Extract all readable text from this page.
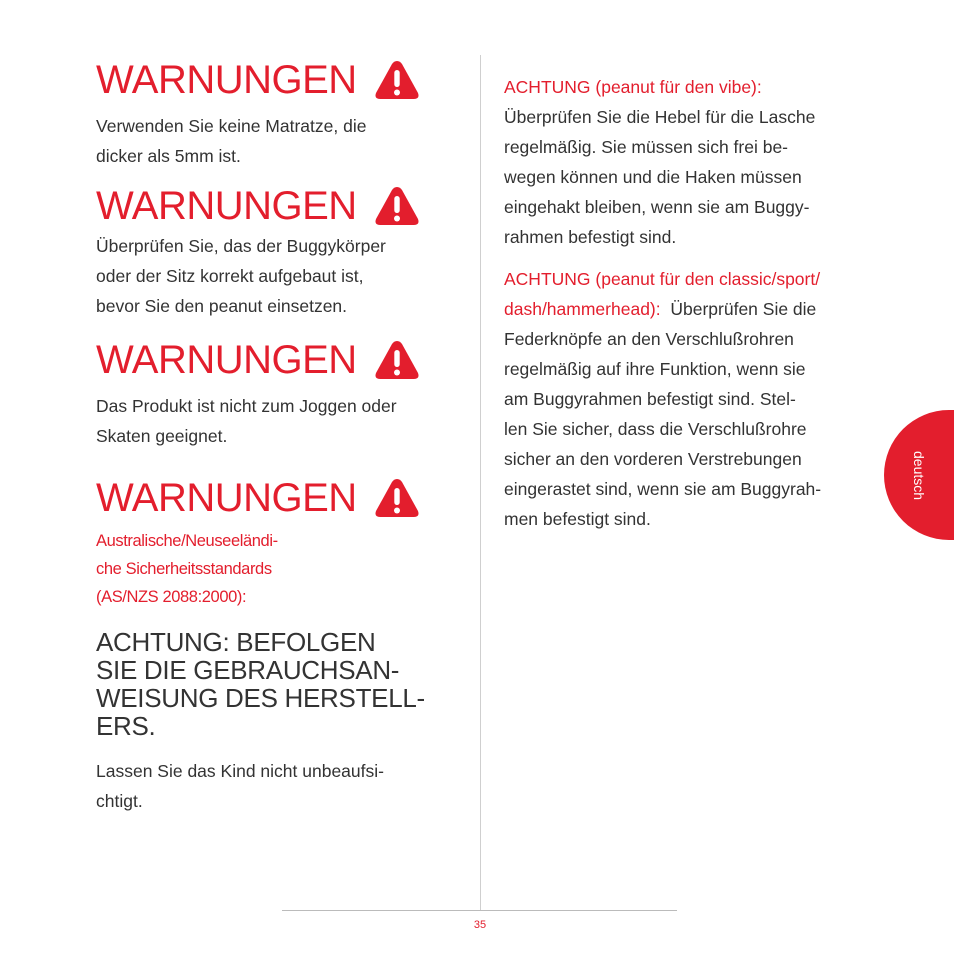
WARNUNGEN

Verwenden Sie keine Matratze, die
dicker als 5mm ist.

WARNUNGEN

Überprüfen Sie, das der Buggykörper
oder der Sitz korrekt aufgebaut ist,
bevor Sie den peanut einsetzen.

WARNUNGEN

Das Produkt ist nicht zum Joggen oder
Skaten geeignet.

WARNUNGEN

Australische/Neuseeländi-
che Sicherheitsstandards
(AS/NZS 2088:2000):

ACHTUNG: BEFOLGEN
SIE DIE GEBRAUCHSAN-
WEISUNG DES HERSTELL-
ERS.

Lassen Sie das Kind nicht unbeaufsi-
chtigt.

ACHTUNG (peanut für den vibe):
Überprüfen Sie die Hebel für die Lasche
regelmäßig. Sie müssen sich frei be-
wegen können und die Haken müssen
eingehakt bleiben, wenn sie am Buggy-
rahmen befestigt sind.

ACHTUNG (peanut für den classic/sport/
dash/hammerhead): Überprüfen Sie die
Federknöpfe an den Verschlußrohren
regelmäßig auf ihre Funktion, wenn sie
am Buggyrahmen befestigt sind. Stel-
len Sie sicher, dass die Verschlußrohre
sicher an den vorderen Verstrebungen
eingerastet sind, wenn sie am Buggyrah-
men befestigt sind.

deutsch
35
